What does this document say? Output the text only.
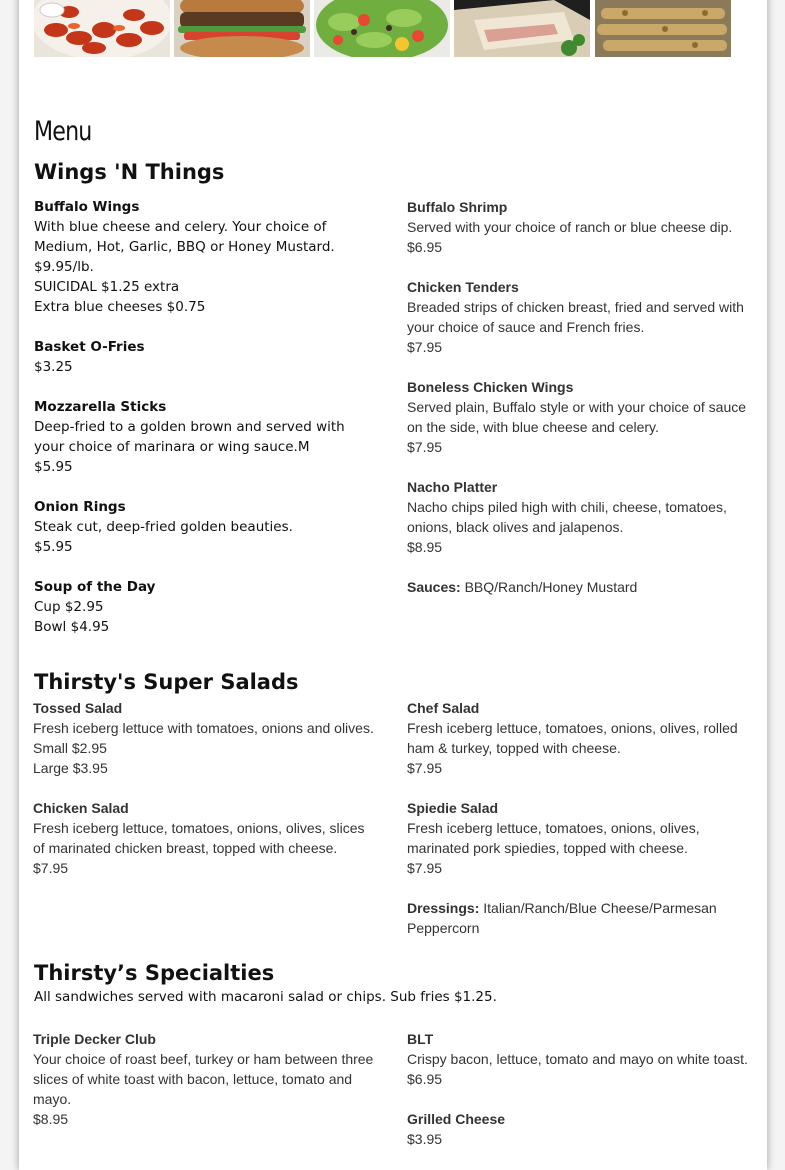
Menu
Wings 'N Things
Buffalo Wings
With blue cheese and celery. Your choice of Medium, Hot, Garlic, BBQ or Honey Mustard.
$9.95/lb.
SUICIDAL $1.25 extra
Extra blue cheeses $0.75
Basket O-Fries
$3.25
Mozzarella Sticks
Deep-fried to a golden brown and served with your choice of marinara or wing sauce.M
$5.95
Onion Rings
Steak cut, deep-fried golden beauties.
$5.95
Soup of the Day
Cup $2.95
Bowl $4.95
Buffalo Shrimp
Served with your choice of ranch or blue cheese dip.
$6.95
Chicken Tenders
Breaded strips of chicken breast, fried and served with your choice of sauce and French fries.
$7.95
Boneless Chicken Wings
Served plain, Buffalo style or with your choice of sauce on the side, with blue cheese and celery.
$7.95
Nacho Platter
Nacho chips piled high with chili, cheese, tomatoes, onions, black olives and jalapenos.
$8.95
Sauces: BBQ/Ranch/Honey Mustard
Thirsty's Super Salads
Tossed Salad
Fresh iceberg lettuce with tomatoes, onions and olives.
Small $2.95
Large $3.95
Chicken Salad
Fresh iceberg lettuce, tomatoes, onions, olives, slices of marinated chicken breast, topped with cheese.
$7.95
Chef Salad
Fresh iceberg lettuce, tomatoes, onions, olives, rolled ham & turkey, topped with cheese.
$7.95
Spiedie Salad
Fresh iceberg lettuce, tomatoes, onions, olives, marinated pork spiedies, topped with cheese.
$7.95
Dressings: Italian/Ranch/Blue Cheese/Parmesan Peppercorn
Thirsty’s Specialties
All sandwiches served with macaroni salad or chips. Sub fries $1.25.
Triple Decker Club
Your choice of roast beef, turkey or ham between three slices of white toast with bacon, lettuce, tomato and mayo.
$8.95
BLT
Crispy bacon, lettuce, tomato and mayo on white toast.
$6.95
Grilled Cheese
$3.95
